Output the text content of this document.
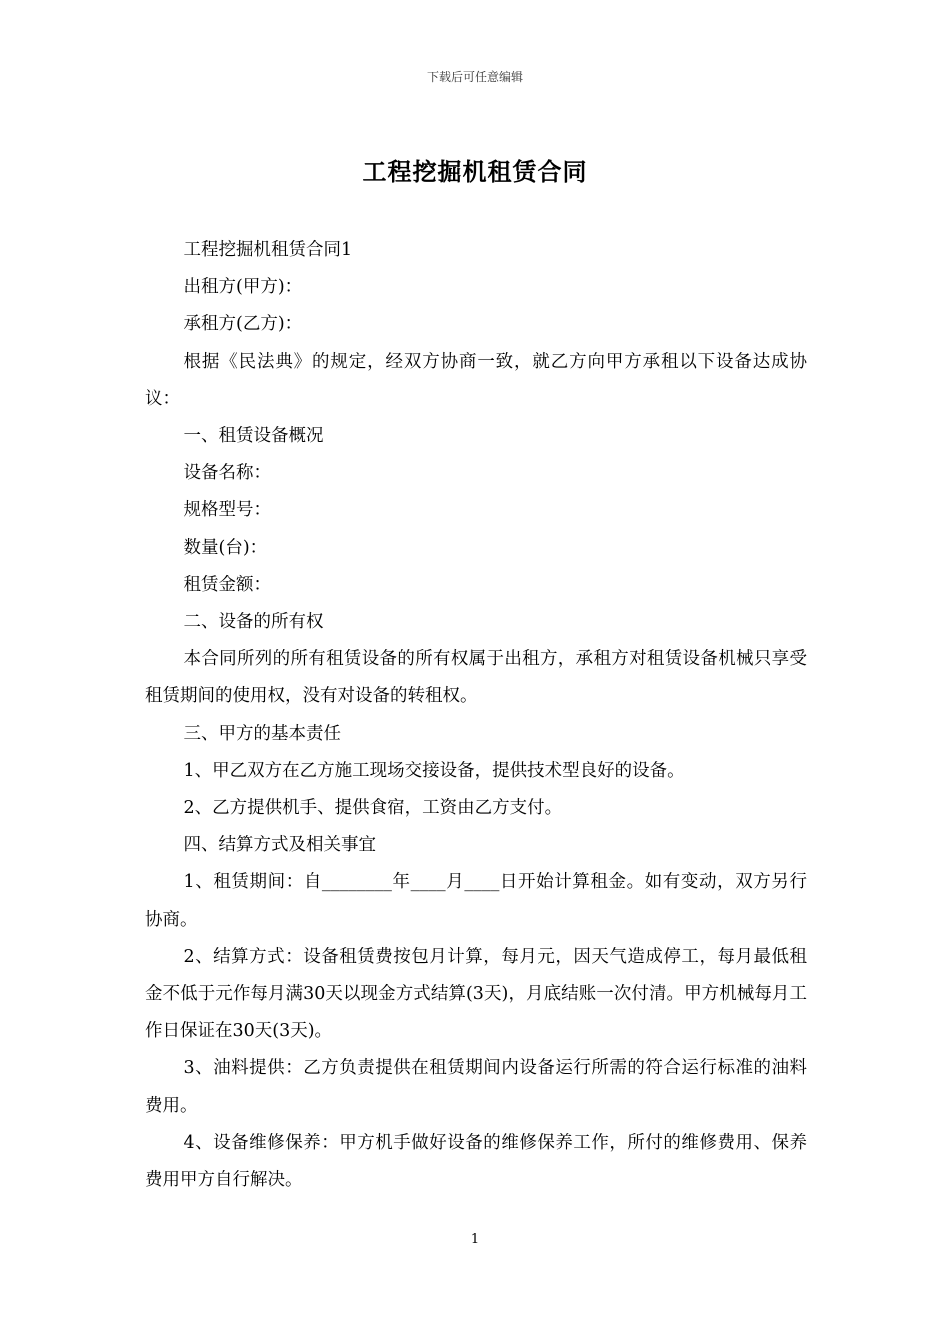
下载后可任意编辑
工程挖掘机租赁合同

工程挖掘机租赁合同1

出租方(甲方)：

承租方(乙方)：

根据《民法典》的规定，经双方协商一致，就乙方向甲方承租以下设备达成协议：

一、租赁设备概况

设备名称：

规格型号：

数量(台)：

租赁金额：

二、设备的所有权

本合同所列的所有租赁设备的所有权属于出租方，承租方对租赁设备机械只享受租赁期间的使用权，没有对设备的转租权。

三、甲方的基本责任

1、甲乙双方在乙方施工现场交接设备，提供技术型良好的设备。

2、乙方提供机手、提供食宿，工资由乙方支付。

四、结算方式及相关事宜

1、租赁期间：自________年____月____日开始计算租金。如有变动，双方另行协商。

2、结算方式：设备租赁费按包月计算，每月元，因天气造成停工，每月最低租金不低于元作每月满30天以现金方式结算(3天)，月底结账一次付清。甲方机械每月工作日保证在30天(3天)。

3、油料提供：乙方负责提供在租赁期间内设备运行所需的符合运行标准的油料费用。

4、设备维修保养：甲方机手做好设备的维修保养工作，所付的维修费用、保养费用甲方自行解决。

1
